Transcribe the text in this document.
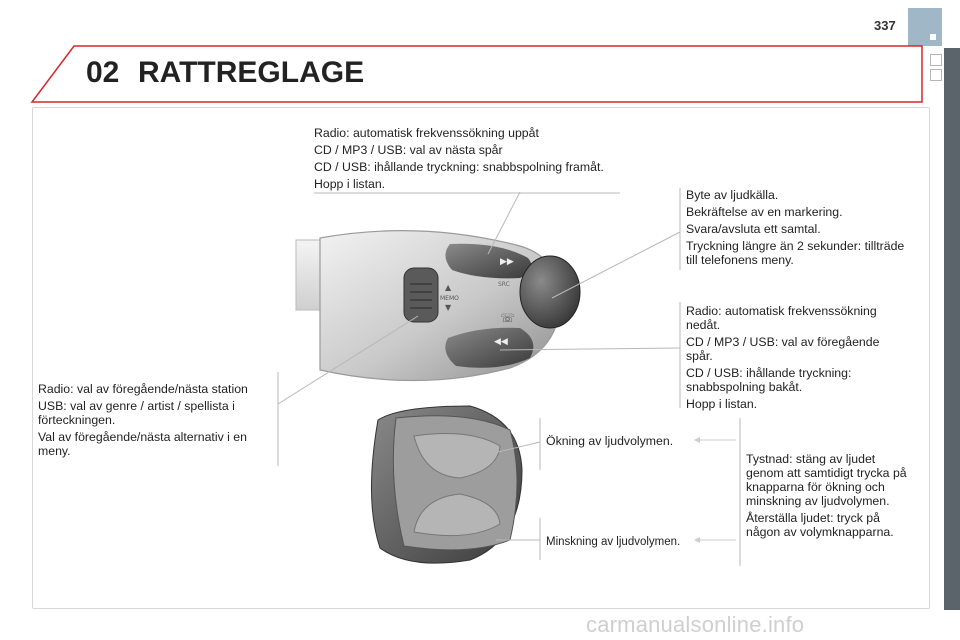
337
02 RATTREGLAGE
▶▶
◀◀
☏
SRC
▲
MEMO
▼

Radio: automatisk frekvenssökning uppåt

CD / MP3 / USB: val av nästa spår

CD / USB: ihållande tryckning: snabbspolning framåt.

Hopp i listan.

Byte av ljudkälla.

Bekräftelse av en markering.

Svara/avsluta ett samtal.

Tryckning längre än 2 sekunder: tillträde till telefonens meny.

Radio: automatisk frekvenssökning nedåt.

CD / MP3 / USB: val av föregående spår.

CD / USB: ihållande tryckning: snabbspolning bakåt.

Hopp i listan.

Radio: val av föregående/nästa station

USB: val av genre / artist / spellista i förteckningen.

Val av föregående/nästa alternativ i en meny.

Ökning av ljudvolymen.

Minskning av ljudvolymen.

Tystnad: stäng av ljudet genom att samtidigt trycka på knapparna för ökning och minskning av ljudvolymen.

Återställa ljudet: tryck på någon av volymknapparna.

carmanualsonline.info
